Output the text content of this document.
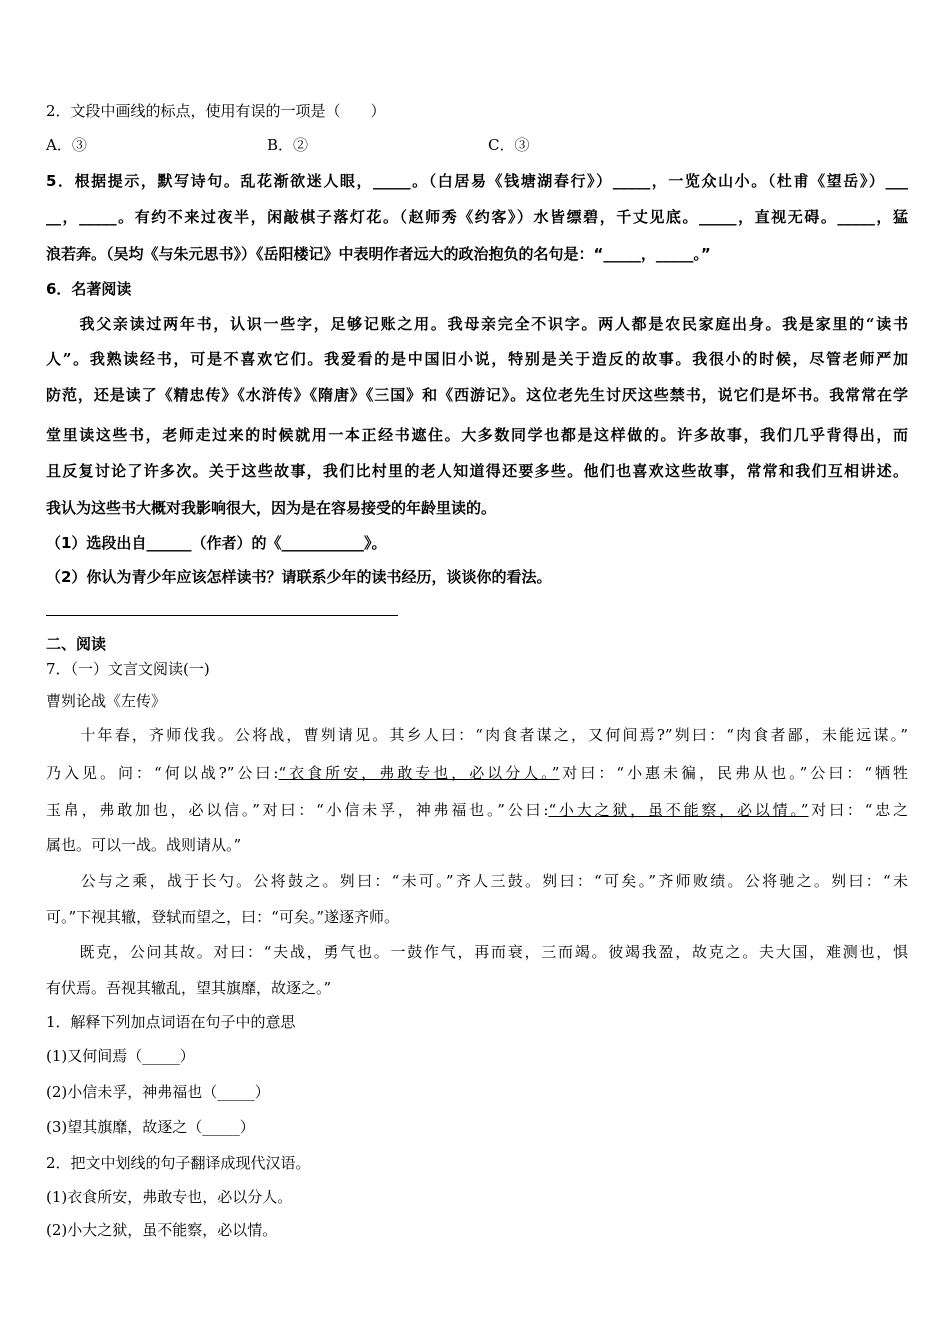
2．文段中画线的标点，使用有误的一项是（　　）
A．③	B．②	C．③
5．根据提示，默写诗句。乱花渐欲迷人眼，_____。（白居易《钱塘湖春行》）_____，一览众山小。（杜甫《望岳》）___
__，_____。有约不来过夜半，闲敲棋子落灯花。（赵师秀《约客》）水皆缥碧，千丈见底。_____，直视无碍。_____，猛
浪若奔。（吴均《与朱元思书》）《岳阳楼记》中表明作者远大的政治抱负的名句是：“_____，_____。”
6．名著阅读
　　我父亲读过两年书，认识一些字，足够记账之用。我母亲完全不识字。两人都是农民家庭出身。我是家里的“读书
人”。我熟读经书，可是不喜欢它们。我爱看的是中国旧小说，特别是关于造反的故事。我很小的时候，尽管老师严加
防范，还是读了《精忠传》《水浒传》《隋唐》《三国》和《西游记》。这位老先生讨厌这些禁书，说它们是坏书。我常常在学
堂里读这些书，老师走过来的时候就用一本正经书遮住。大多数同学也都是这样做的。许多故事，我们几乎背得出，而
且反复讨论了许多次。关于这些故事，我们比村里的老人知道得还要多些。他们也喜欢这些故事，常常和我们互相讲述。
我认为这些书大概对我影响很大，因为是在容易接受的年龄里读的。
（1）选段出自______（作者）的《___________》。
（2）你认为青少年应该怎样读书？请联系少年的读书经历，谈谈你的看法。
二、阅读
7．（一）文言文阅读(一)
曹刿论战《左传》
　　十年春，齐师伐我。公将战，曹刿请见。其乡人曰：“肉食者谋之，又何间焉?”刿曰：“肉食者鄙，未能远谋。”
乃入见。问：“何以战?”公曰:“衣食所安，弗敢专也，必以分人。”对曰：“小惠未徧，民弗从也。”公曰：“牺牲
玉帛，弗敢加也，必以信。”对曰：“小信未孚，神弗福也。”公曰:“小大之狱，虽不能察，必以情。”对曰：“忠之
属也。可以一战。战则请从。”
　　公与之乘，战于长勺。公将鼓之。刿曰：“未可。”齐人三鼓。刿曰：“可矣。”齐师败绩。公将驰之。刿曰：“未
可。”下视其辙，登轼而望之，曰：“可矣。”遂逐齐师。
　　既克，公问其故。对曰：“夫战，勇气也。一鼓作气，再而衰，三而竭。彼竭我盈，故克之。夫大国，难测也，惧
有伏焉。吾视其辙乱，望其旗靡，故逐之。”
1．解释下列加点词语在句子中的意思
(1)又何间焉（_____）
(2)小信未孚，神弗福也（_____）
(3)望其旗靡，故逐之（_____）
2．把文中划线的句子翻译成现代汉语。
(1)衣食所安，弗敢专也，必以分人。
(2)小大之狱，虽不能察，必以情。
